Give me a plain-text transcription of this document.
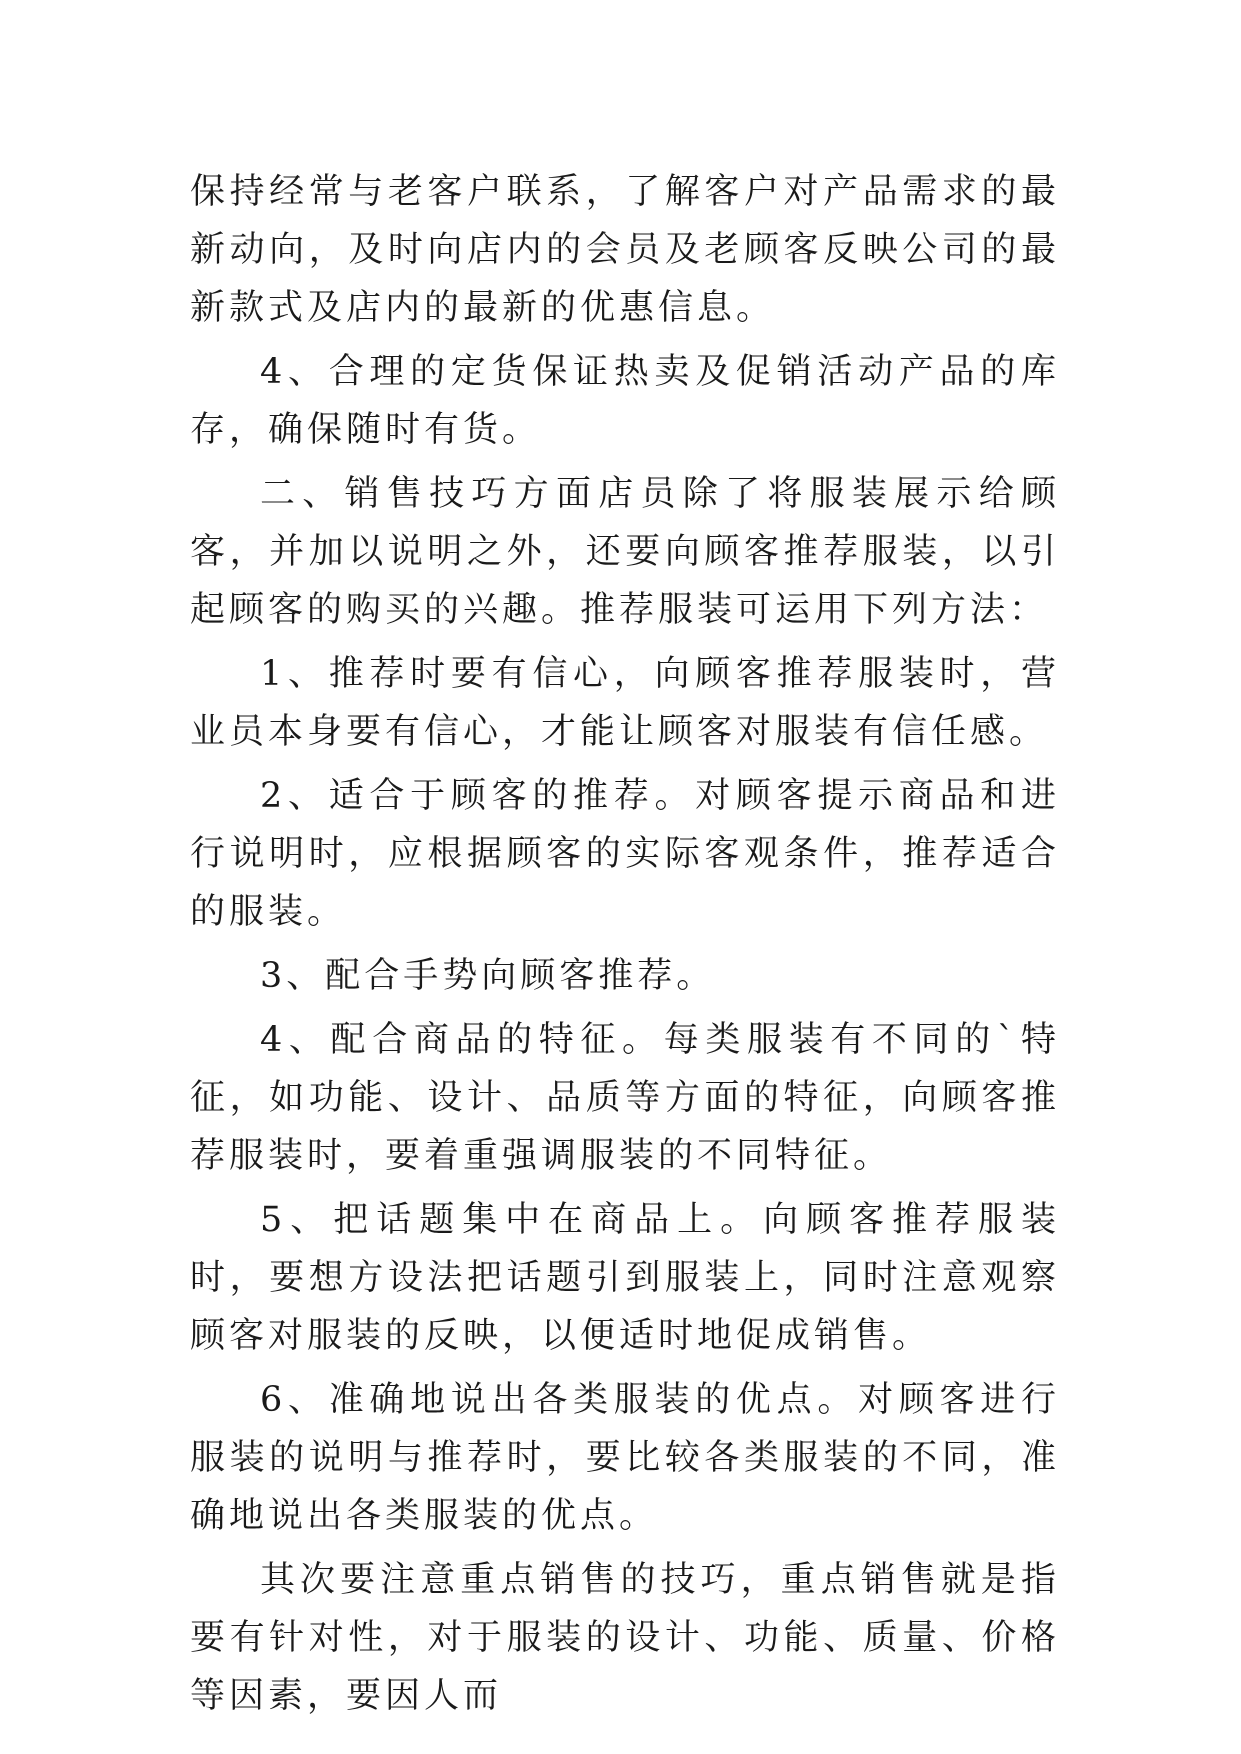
保持经常与老客户联系，了解客户对产品需求的最新动向，及时向店内的会员及老顾客反映公司的最新款式及店内的最新的优惠信息。

4、合理的定货保证热卖及促销活动产品的库存，确保随时有货。

二、销售技巧方面店员除了将服装展示给顾客，并加以说明之外，还要向顾客推荐服装，以引起顾客的购买的兴趣。推荐服装可运用下列方法：

1、推荐时要有信心，向顾客推荐服装时，营业员本身要有信心，才能让顾客对服装有信任感。

2、适合于顾客的推荐。对顾客提示商品和进行说明时，应根据顾客的实际客观条件，推荐适合的服装。

3、配合手势向顾客推荐。

4、配合商品的特征。每类服装有不同的`特征，如功能、设计、品质等方面的特征，向顾客推荐服装时，要着重强调服装的不同特征。

5、把话题集中在商品上。向顾客推荐服装时，要想方设法把话题引到服装上，同时注意观察顾客对服装的反映，以便适时地促成销售。

6、准确地说出各类服装的优点。对顾客进行服装的说明与推荐时，要比较各类服装的不同，准确地说出各类服装的优点。

其次要注意重点销售的技巧，重点销售就是指要有针对性，对于服装的设计、功能、质量、价格等因素，要因人而
